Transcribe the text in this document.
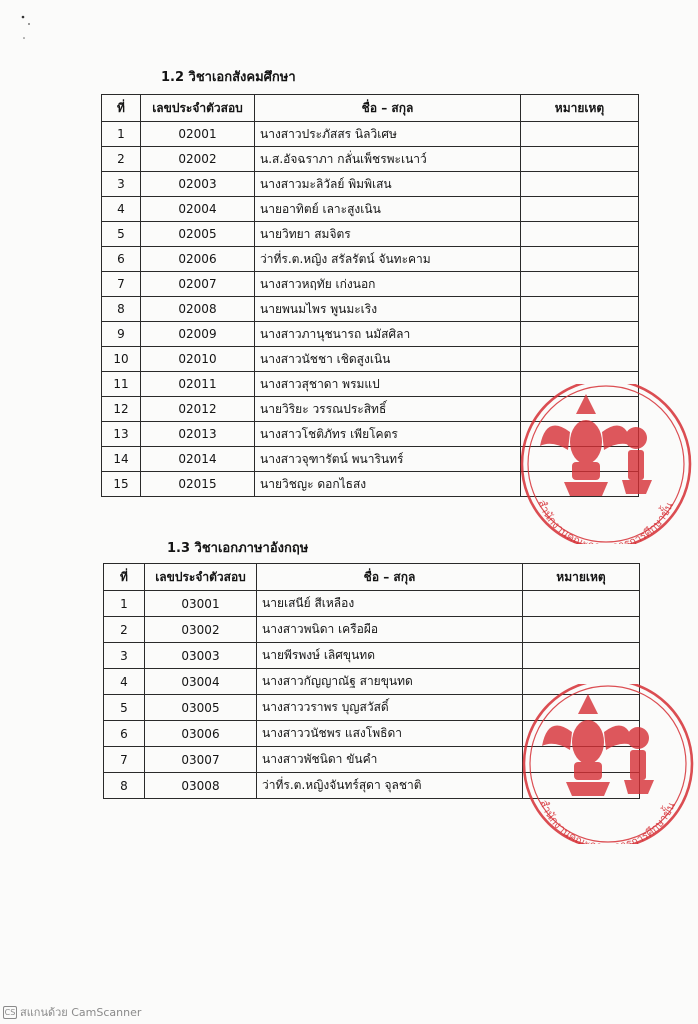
1.2 วิชาเอกสังคมศึกษา
ที่	เลขประจำตัวสอบ	ชื่อ – สกุล	หมายเหตุ
1	02001	นางสาวประภัสสร นิลวิเศษ	
2	02002	น.ส.อัจฉราภา กลั่นเพ็ชรพะเนาว์	
3	02003	นางสาวมะลิวัลย์ พิมพิเสน	
4	02004	นายอาทิตย์ เลาะสูงเนิน	
5	02005	นายวิทยา สมจิตร	
6	02006	ว่าที่ร.ต.หญิง สรัลรัตน์ จันทะคาม	
7	02007	นางสาวหฤทัย เก่งนอก	
8	02008	นายพนมไพร พูนมะเริง	
9	02009	นางสาวภานุชนารถ นมัสศิลา	
10	02010	นางสาวนัชชา เชิดสูงเนิน	
11	02011	นางสาวสุชาดา พรมแป	
12	02012	นายวิริยะ วรรณประสิทธิ์	
13	02013	นางสาวโชติภัทร เพียโคตร	
14	02014	นางสาวจุฑารัตน์ พนารินทร์	
15	02015	นายวิชญะ ดอกไธสง	
1.3 วิชาเอกภาษาอังกฤษ
ที่	เลขประจำตัวสอบ	ชื่อ – สกุล	หมายเหตุ
1	03001	นายเสนีย์ สีเหลือง	
2	03002	นางสาวพนิดา เครือผือ	
3	03003	นายพีรพงษ์ เลิศขุนทด	
4	03004	นางสาวกัญญาณัฐ สายขุนทด	
5	03005	นางสาววราพร บุญสวัสดิ์	
6	03006	นางสาววนัชพร แสงโพธิดา	
7	03007	นางสาวพัชนิดา ขันคำ	
8	03008	ว่าที่ร.ต.หญิงจันทร์สุดา จุลชาติ	
สำนักงานคณะ รการศึกษาขั้น
สำนักงานคณะ รการศึกษาขั้น
CS สแกนด้วย CamScanner
